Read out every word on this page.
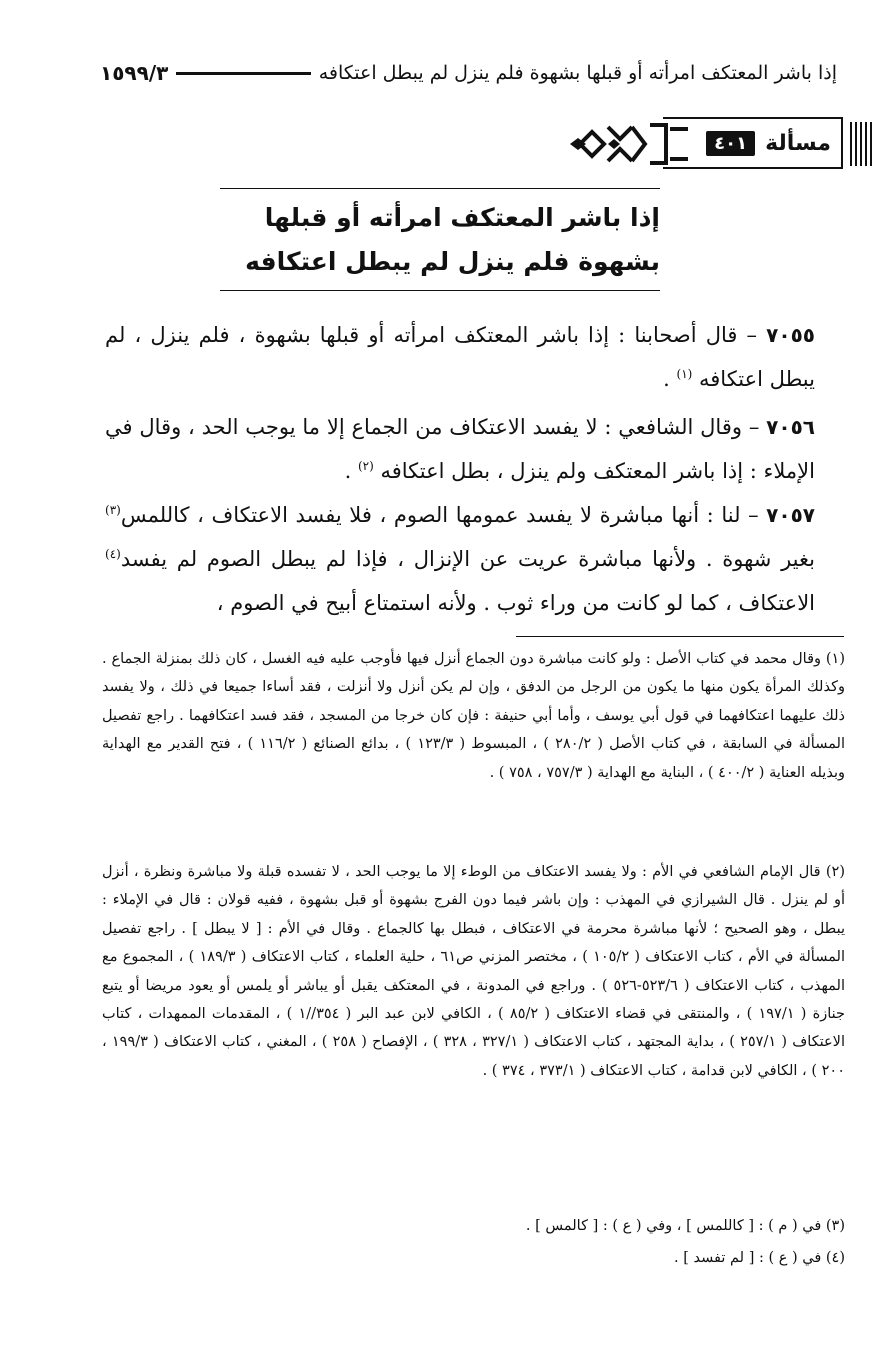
إذا باشر المعتكف امرأته أو قبلها بشهوة فلم ينزل لم يبطل اعتكافه
١٥٩٩/٣
مسألة
٤٠١
إذا باشر المعتكف امرأته أو قبلها
بشهوة فلم ينزل لم يبطل اعتكافه
٧٠٥٥ – قال أصحابنا : إذا باشر المعتكف امرأته أو قبلها بشهوة ، فلم ينزل ، لم يبطل اعتكافه $^{(١)}$ .
٧٠٥٦ – وقال الشافعي : لا يفسد الاعتكاف من الجماع إلا ما يوجب الحد ، وقال في الإملاء : إذا باشر المعتكف ولم ينزل ، بطل اعتكافه $^{(٢)}$ .
٧٠٥٧ – لنا : أنها مباشرة لا يفسد عمومها الصوم ، فلا يفسد الاعتكاف ، كاللمس$^{(٣)}$ بغير شهوة . ولأنها مباشرة عريت عن الإنزال ، فإذا لم يبطل الصوم لم يفسد$^{(٤)}$ الاعتكاف ، كما لو كانت من وراء ثوب . ولأنه استمتاع أبيح في الصوم ،
(١) وقال محمد في كتاب الأصل : ولو كانت مباشرة دون الجماع أنزل فيها فأوجب عليه فيه الغسل ، كان ذلك بمنزلة الجماع . وكذلك المرأة يكون منها ما يكون من الرجل من الدفق ، وإن لم يكن أنزل ولا أنزلت ، فقد أساءا جميعا في ذلك ، ولا يفسد ذلك عليهما اعتكافهما في قول أبي يوسف ، وأما أبي حنيفة : فإن كان خرجا من المسجد ، فقد فسد اعتكافهما . راجع تفصيل المسألة في السابقة ، في كتاب الأصل ( ٢٨٠/٢ ) ، المبسوط ( ١٢٣/٣ ) ، بدائع الصنائع ( ١١٦/٢ ) ، فتح القدير مع الهداية وبذيله العناية ( ٤٠٠/٢ ) ، البناية مع الهداية ( ٧٥٧/٣ ، ٧٥٨ ) .
(٢) قال الإمام الشافعي في الأم : ولا يفسد الاعتكاف من الوطء إلا ما يوجب الحد ، لا تفسده قبلة ولا مباشرة ونظرة ، أنزل أو لم ينزل . قال الشيرازي في المهذب : وإن باشر فيما دون الفرج بشهوة أو قبل بشهوة ، ففيه قولان : قال في الإملاء : يبطل ، وهو الصحيح ؛ لأنها مباشرة محرمة في الاعتكاف ، فبطل بها كالجماع . وقال في الأم : [ لا يبطل ] . راجع تفصيل المسألة في الأم ، كتاب الاعتكاف ( ١٠٥/٢ ) ، مختصر المزني ص٦١ ، حلية العلماء ، كتاب الاعتكاف ( ١٨٩/٣ ) ، المجموع مع المهذب ، كتاب الاعتكاف ( ٥٢٣/٦-٥٢٦ ) . وراجع في المدونة ، في المعتكف يقبل أو يباشر أو يلمس أو يعود مريضا أو يتبع جنازة ( ١٩٧/١ ) ، والمنتقى في قضاء الاعتكاف ( ٨٥/٢ ) ، الكافي لابن عبد البر ( ٣٥٤//١ ) ، المقدمات الممهدات ، كتاب الاعتكاف ( ٢٥٧/١ ) ، بداية المجتهد ، كتاب الاعتكاف ( ٣٢٧/١ ، ٣٢٨ ) ، الإفصاح ( ٢٥٨ ) ، المغني ، كتاب الاعتكاف ( ١٩٩/٣ ، ٢٠٠ ) ، الكافي لابن قدامة ، كتاب الاعتكاف ( ٣٧٣/١ ، ٣٧٤ ) .
(٣) في ( م ) : [ كاللمس ] ، وفي ( ع ) : [ كالمس ] .
(٤) في ( ع ) : [ لم تفسد ] .
